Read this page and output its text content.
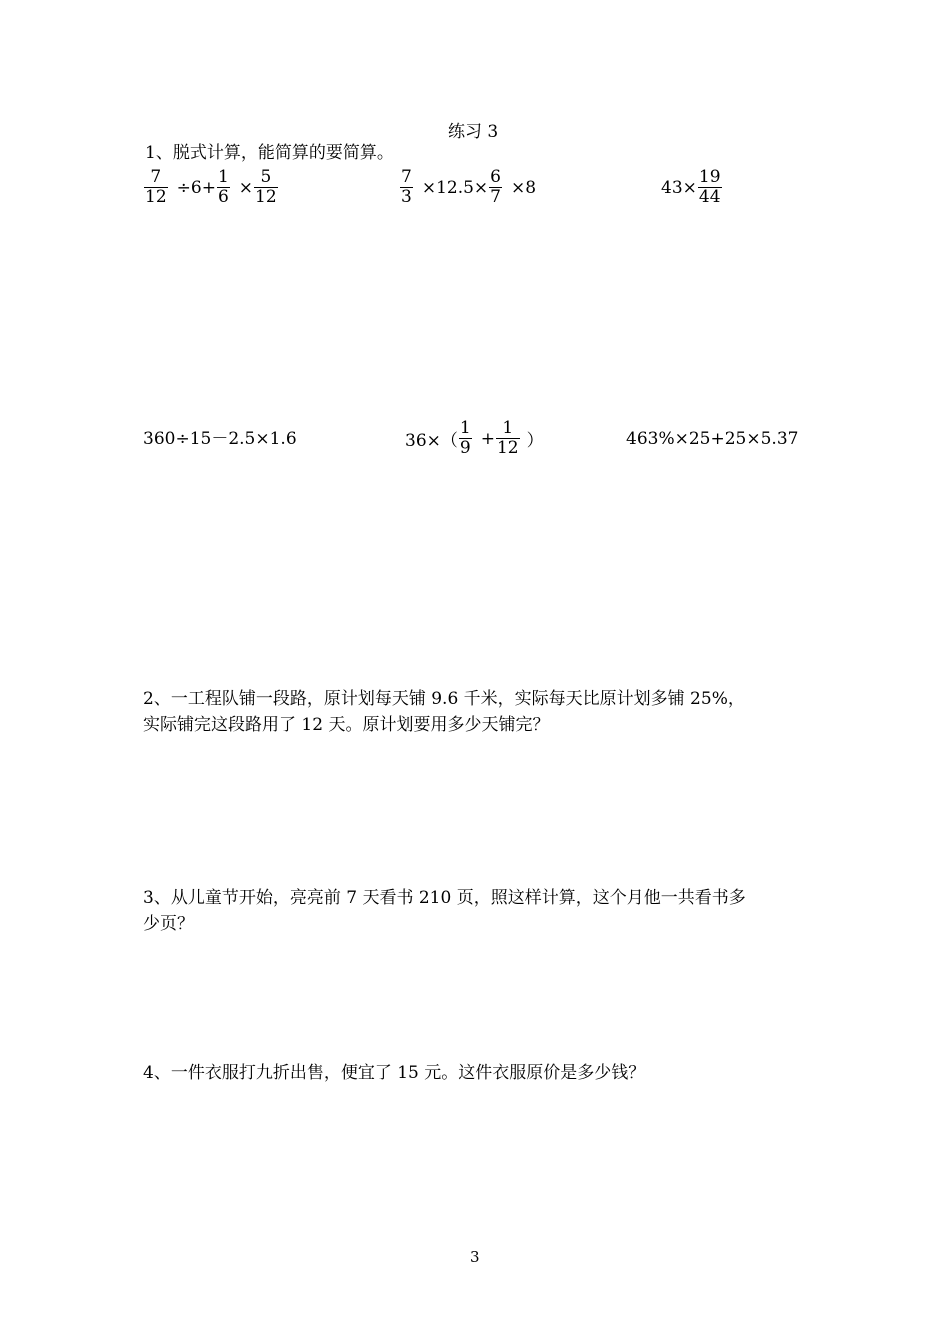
练习 3
1、脱式计算，能简算的要简算。
$\frac{7}{12} \div 6+ \frac{1}{6} \times \frac{5}{12}$	$\frac{7}{3} \times 12.5\times \frac{6}{7} \times 8$	$43\times \frac{19}{44}$
360÷15－2.5×1.6	$36\times( \frac{1}{9} + \frac{1}{12}$ ）	463%×25+25×5.37
2、一工程队铺一段路，原计划每天铺 9.6 千米，实际每天比原计划多铺 25%，
实际铺完这段路用了 12 天。原计划要用多少天铺完？
3、从儿童节开始，亮亮前 7 天看书 210 页，照这样计算，这个月他一共看书多
少页？
4、一件衣服打九折出售，便宜了 15 元。这件衣服原价是多少钱？
3
